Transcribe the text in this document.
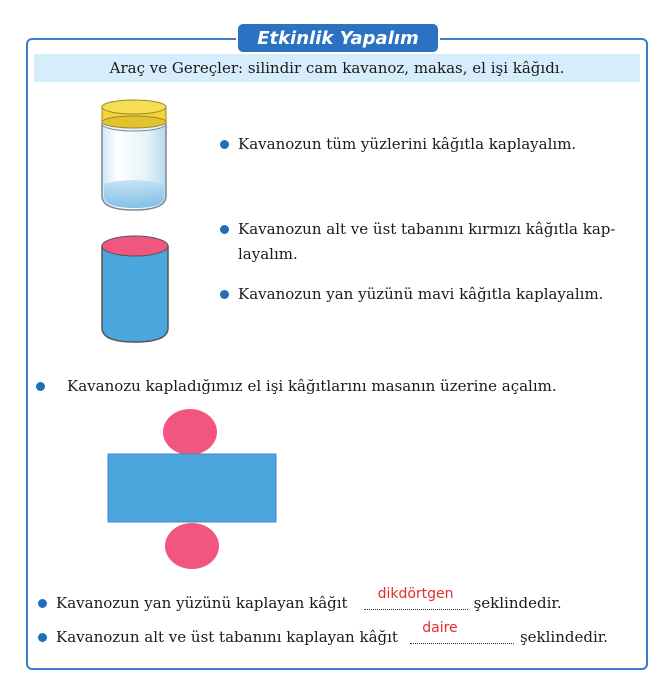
Etkinlik Yapalım
Araç ve Gereçler: silindir cam kavanoz, makas, el işi kâğıdı.
Kavanozun tüm yüzlerini kâğıtla kaplayalım.
Kavanozun alt ve üst tabanını kırmızı kâğıtla kap-
layalım.
Kavanozun yan yüzünü mavi kâğıtla kaplayalım.
Kavanozu kapladığımız el işi kâğıtlarını masanın üzerine açalım.
Kavanozun yan yüzünü kaplayan kâğıt	dikdörtgen	şeklindedir.
Kavanozun alt ve üst tabanını kaplayan kâğıt	daire	şeklindedir.
